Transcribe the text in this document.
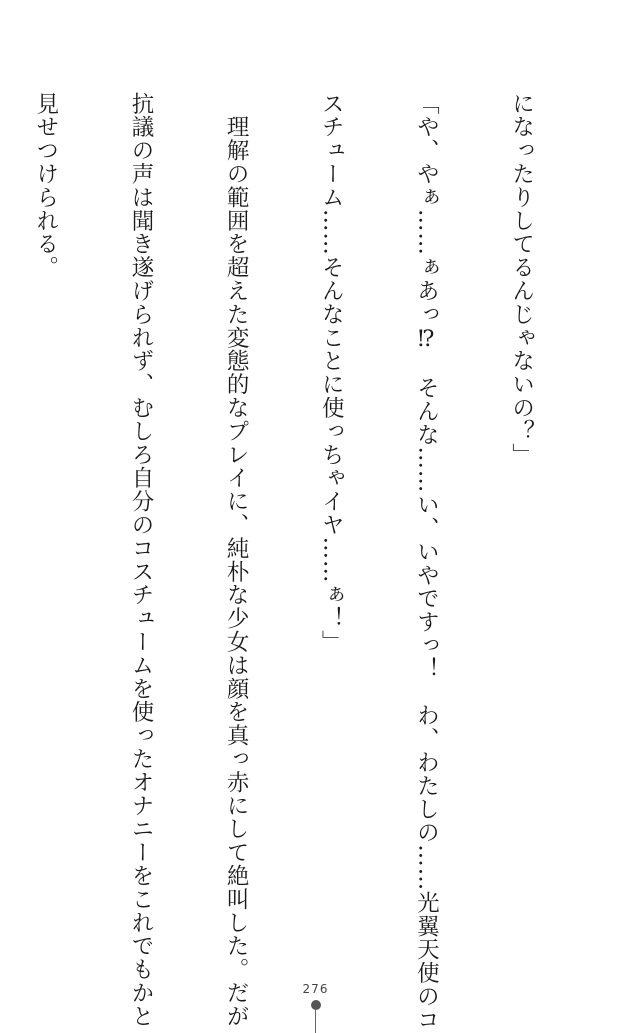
になったりしてるんじゃないの？」

「や、やぁ……ぁあっ⁉　そんな……い、いやですっ！　わ、わたしの……光翼天使のコ

スチューム……そんなことに使っちゃイヤ……ぁ！」

　理解の範囲を超えた変態的なプレイに、純朴な少女は顔を真っ赤にして絶叫した。だが

抗議の声は聞き遂げられず、むしろ自分のコスチュームを使ったオナニーをこれでもかと

見せつけられる。

276
